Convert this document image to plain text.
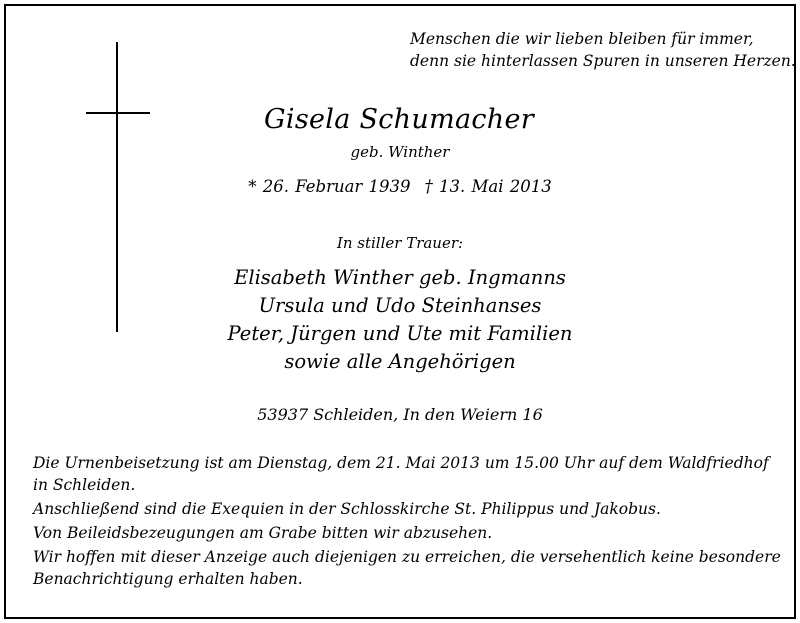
Menschen die wir lieben bleiben für immer,
denn sie hinterlassen Spuren in unseren Herzen.
Gisela Schumacher
geb. Winther
* 26. Februar 1939 † 13. Mai 2013
In stiller Trauer:
Elisabeth Winther geb. Ingmanns
Ursula und Udo Steinhanses
Peter, Jürgen und Ute mit Familien
sowie alle Angehörigen
53937 Schleiden, In den Weiern 16

Die Urnenbeisetzung ist am Dienstag, dem 21. Mai 2013 um 15.00 Uhr auf dem Waldfriedhof in Schleiden.

Anschließend sind die Exequien in der Schlosskirche St. Philippus und Jakobus.

Von Beileidsbezeugungen am Grabe bitten wir abzusehen.

Wir hoffen mit dieser Anzeige auch diejenigen zu erreichen, die versehentlich keine besondere Benachrichtigung erhalten haben.
